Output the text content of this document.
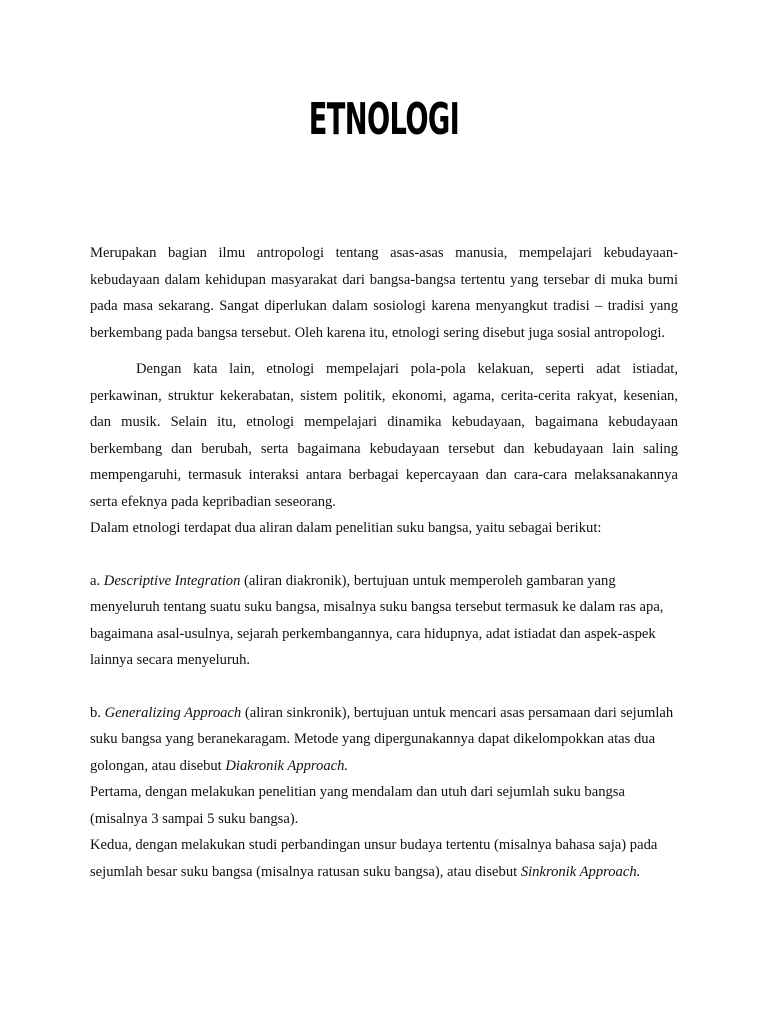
ETNOLOGI

Merupakan bagian ilmu antropologi tentang asas-asas manusia, mempelajari kebudayaan-kebudayaan dalam kehidupan masyarakat dari bangsa-bangsa tertentu yang tersebar di muka bumi pada masa sekarang. Sangat diperlukan dalam sosiologi karena menyangkut tradisi – tradisi yang berkembang pada bangsa tersebut. Oleh karena itu, etnologi sering disebut juga sosial antropologi.

Dengan kata lain, etnologi mempelajari pola-pola kelakuan, seperti adat istiadat, perkawinan, struktur kekerabatan, sistem politik, ekonomi, agama, cerita-cerita rakyat, kesenian, dan musik. Selain itu, etnologi mempelajari dinamika kebudayaan, bagaimana kebudayaan berkembang dan berubah, serta bagaimana kebudayaan tersebut dan kebudayaan lain saling mempengaruhi, termasuk interaksi antara berbagai kepercayaan dan cara-cara melaksanakannya serta efeknya pada kepribadian seseorang.

Dalam etnologi terdapat dua aliran dalam penelitian suku bangsa, yaitu sebagai berikut:

a. Descriptive Integration (aliran diakronik), bertujuan untuk memperoleh gambaran yang menyeluruh tentang suatu suku bangsa, misalnya suku bangsa tersebut termasuk ke dalam ras apa, bagaimana asal-usulnya, sejarah perkembangannya, cara hidupnya, adat istiadat dan aspek-aspek lainnya secara menyeluruh.

b. Generalizing Approach (aliran sinkronik), bertujuan untuk mencari asas persamaan dari sejumlah suku bangsa yang beranekaragam. Metode yang dipergunakannya dapat dikelompokkan atas dua golongan, atau disebut Diakronik Approach.

Pertama, dengan melakukan penelitian yang mendalam dan utuh dari sejumlah suku bangsa (misalnya 3 sampai 5 suku bangsa).

Kedua, dengan melakukan studi perbandingan unsur budaya tertentu (misalnya bahasa saja) pada sejumlah besar suku bangsa (misalnya ratusan suku bangsa), atau disebut Sinkronik Approach.
